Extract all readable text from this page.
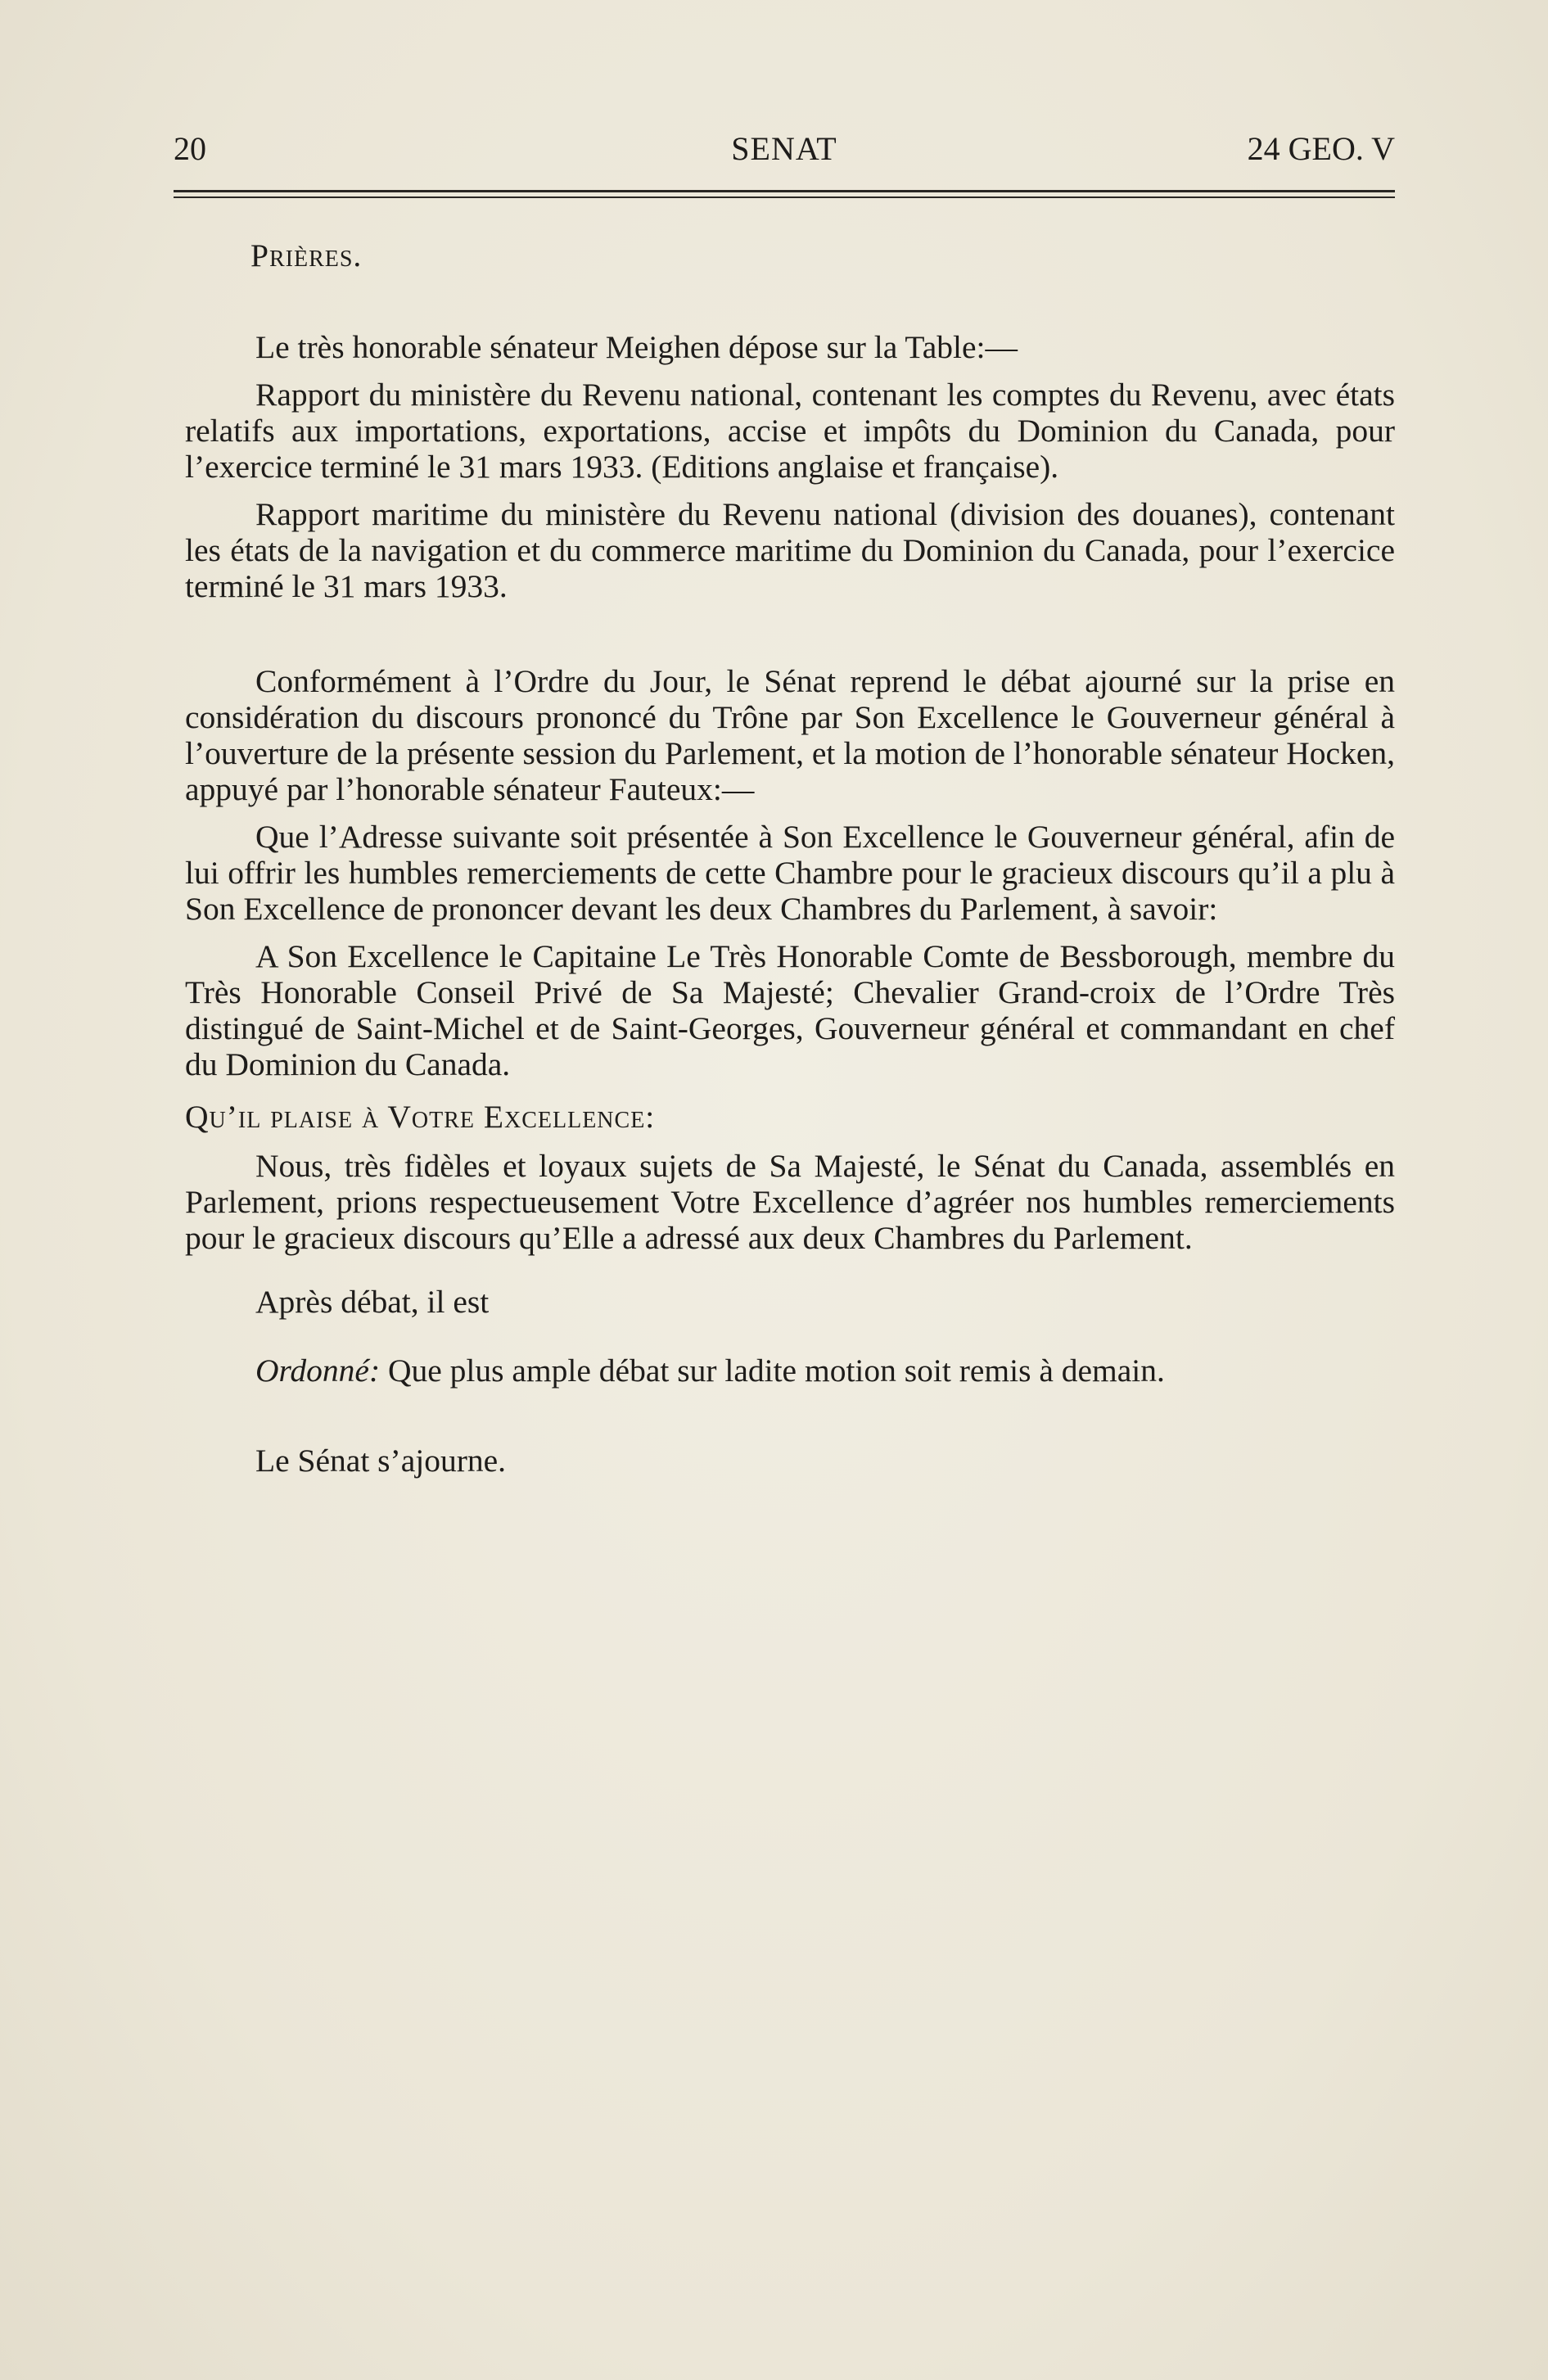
20	SENAT	24 GEO. V

Prières.

Le très honorable sénateur Meighen dépose sur la Table:—

Rapport du ministère du Revenu national, contenant les comptes du Revenu, avec états relatifs aux importations, exportations, accise et impôts du Dominion du Canada, pour l’exercice terminé le 31 mars 1933. (Editions anglaise et française).

Rapport maritime du ministère du Revenu national (division des douanes), contenant les états de la navigation et du commerce maritime du Dominion du Canada, pour l’exercice terminé le 31 mars 1933.

Conformément à l’Ordre du Jour, le Sénat reprend le débat ajourné sur la prise en considération du discours prononcé du Trône par Son Excellence le Gouverneur général à l’ouverture de la présente session du Parlement, et la motion de l’honorable sénateur Hocken, appuyé par l’honorable sénateur Fauteux:—

Que l’Adresse suivante soit présentée à Son Excellence le Gouverneur général, afin de lui offrir les humbles remerciements de cette Chambre pour le gracieux discours qu’il a plu à Son Excellence de prononcer devant les deux Chambres du Parlement, à savoir:

A Son Excellence le Capitaine Le Très Honorable Comte de Bessborough, membre du Très Honorable Conseil Privé de Sa Majesté; Chevalier Grand-croix de l’Ordre Très distingué de Saint-Michel et de Saint-Georges, Gouverneur général et commandant en chef du Dominion du Canada.

Qu’il plaise à Votre Excellence:

Nous, très fidèles et loyaux sujets de Sa Majesté, le Sénat du Canada, assemblés en Parlement, prions respectueusement Votre Excellence d’agréer nos humbles remerciements pour le gracieux discours qu’Elle a adressé aux deux Chambres du Parlement.

Après débat, il est

Ordonné: Que plus ample débat sur ladite motion soit remis à demain.

Le Sénat s’ajourne.
